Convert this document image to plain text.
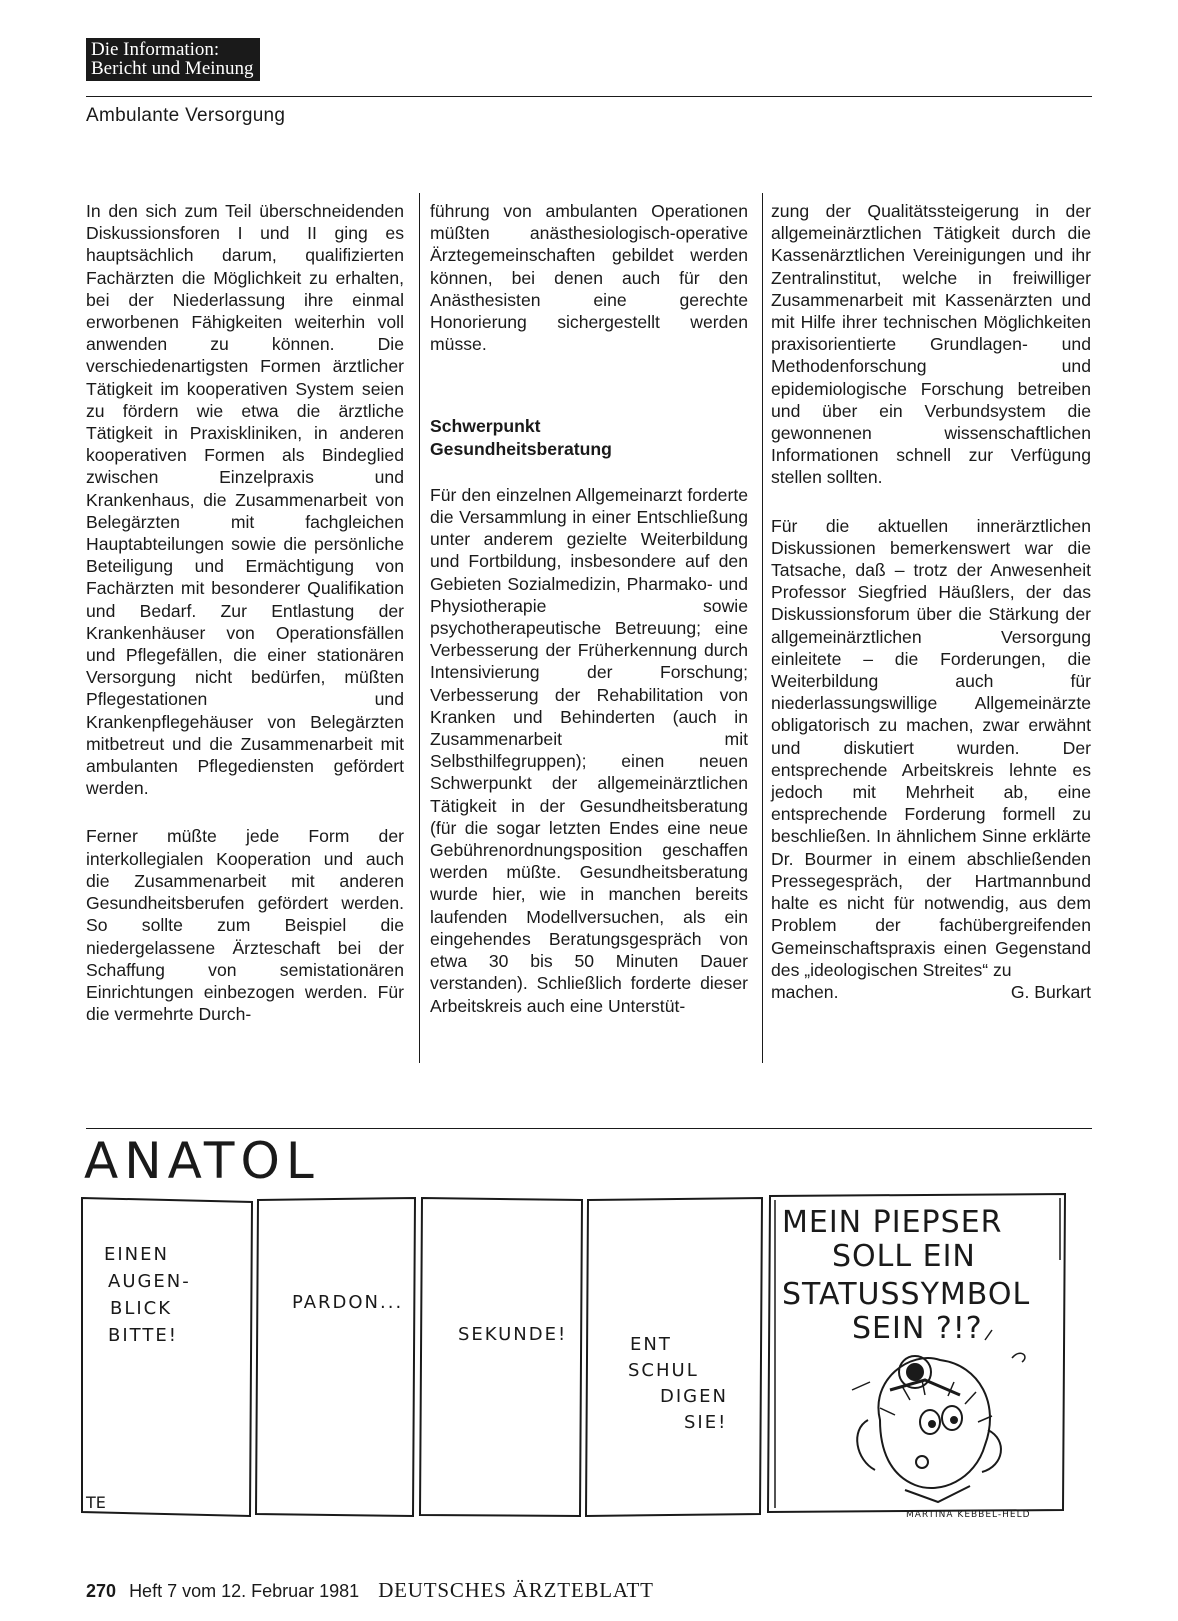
Die Information:
Bericht und Meinung
Ambulante Versorgung

In den sich zum Teil überschneidenden Diskussionsforen I und II ging es hauptsächlich darum, qualifizierten Fachärzten die Möglichkeit zu erhalten, bei der Niederlassung ihre einmal erworbenen Fähigkeiten weiterhin voll anwenden zu können. Die verschiedenartigsten Formen ärztlicher Tätigkeit im kooperativen System seien zu fördern wie etwa die ärztliche Tätigkeit in Praxiskliniken, in anderen kooperativen Formen als Bindeglied zwischen Einzelpraxis und Krankenhaus, die Zusammenarbeit von Belegärzten mit fachgleichen Hauptabteilungen sowie die persönliche Beteiligung und Ermächtigung von Fachärzten mit besonderer Qualifikation und Bedarf. Zur Entlastung der Krankenhäuser von Operationsfällen und Pflegefällen, die einer stationären Versorgung nicht bedürfen, müßten Pflegestationen und Krankenpflegehäuser von Belegärzten mitbetreut und die Zusammenarbeit mit ambulanten Pflegediensten gefördert werden.

Ferner müßte jede Form der interkollegialen Kooperation und auch die Zusammenarbeit mit anderen Gesundheitsberufen gefördert werden. So sollte zum Beispiel die niedergelassene Ärzteschaft bei der Schaffung von semistationären Einrichtungen einbezogen werden. Für die vermehrte Durch-

führung von ambulanten Operationen müßten anästhesiologisch-operative Ärztegemeinschaften gebildet werden können, bei denen auch für den Anästhesisten eine gerechte Honorierung sichergestellt werden müsse.

Schwerpunkt
Gesundheitsberatung

Für den einzelnen Allgemeinarzt forderte die Versammlung in einer Entschließung unter anderem gezielte Weiterbildung und Fortbildung, insbesondere auf den Gebieten Sozialmedizin, Pharmako- und Physiotherapie sowie psychotherapeutische Betreuung; eine Verbesserung der Früherkennung durch Intensivierung der Forschung; Verbesserung der Rehabilitation von Kranken und Behinderten (auch in Zusammenarbeit mit Selbsthilfegruppen); einen neuen Schwerpunkt der allgemeinärztlichen Tätigkeit in der Gesundheitsberatung (für die sogar letzten Endes eine neue Gebührenordnungsposition geschaffen werden müßte. Gesundheitsberatung wurde hier, wie in manchen bereits laufenden Modellversuchen, als ein eingehendes Beratungsgespräch von etwa 30 bis 50 Minuten Dauer verstanden). Schließlich forderte dieser Arbeitskreis auch eine Unterstüt-

zung der Qualitätssteigerung in der allgemeinärztlichen Tätigkeit durch die Kassenärztlichen Vereinigungen und ihr Zentralinstitut, welche in freiwilliger Zusammenarbeit mit Kassenärzten und mit Hilfe ihrer technischen Möglichkeiten praxisorientierte Grundlagen- und Methodenforschung und epidemiologische Forschung betreiben und über ein Verbundsystem die gewonnenen wissenschaftlichen Informationen schnell zur Verfügung stellen sollten.

Für die aktuellen innerärztlichen Diskussionen bemerkenswert war die Tatsache, daß – trotz der Anwesenheit Professor Siegfried Häußlers, der das Diskussionsforum über die Stärkung der allgemeinärztlichen Versorgung einleitete – die Forderungen, die Weiterbildung auch für niederlassungswillige Allgemeinärzte obligatorisch zu machen, zwar erwähnt und diskutiert wurden. Der entsprechende Arbeitskreis lehnte es jedoch mit Mehrheit ab, eine entsprechende Forderung formell zu beschließen. In ähnlichem Sinne erklärte Dr. Bourmer in einem abschließenden Pressegespräch, der Hartmannbund halte es nicht für notwendig, aus dem Problem der fachübergreifenden Gemeinschaftspraxis einen Gegenstand des „ideologischen Streites“ zu

machen.	G. Burkart
ANATOL
EINEN
AUGEN-
BLICK
BITTE!
PARDON...
SEKUNDE!	ENT
SCHUL
DIGEN
SIE!
MEIN PIEPSER
SOLL EIN
STATUSSYMBOL
SEIN ?!?
TE
MARTINA KEBBEL-HELD
270 Heft 7 vom 12. Februar 1981 DEUTSCHES ÄRZTEBLATT
